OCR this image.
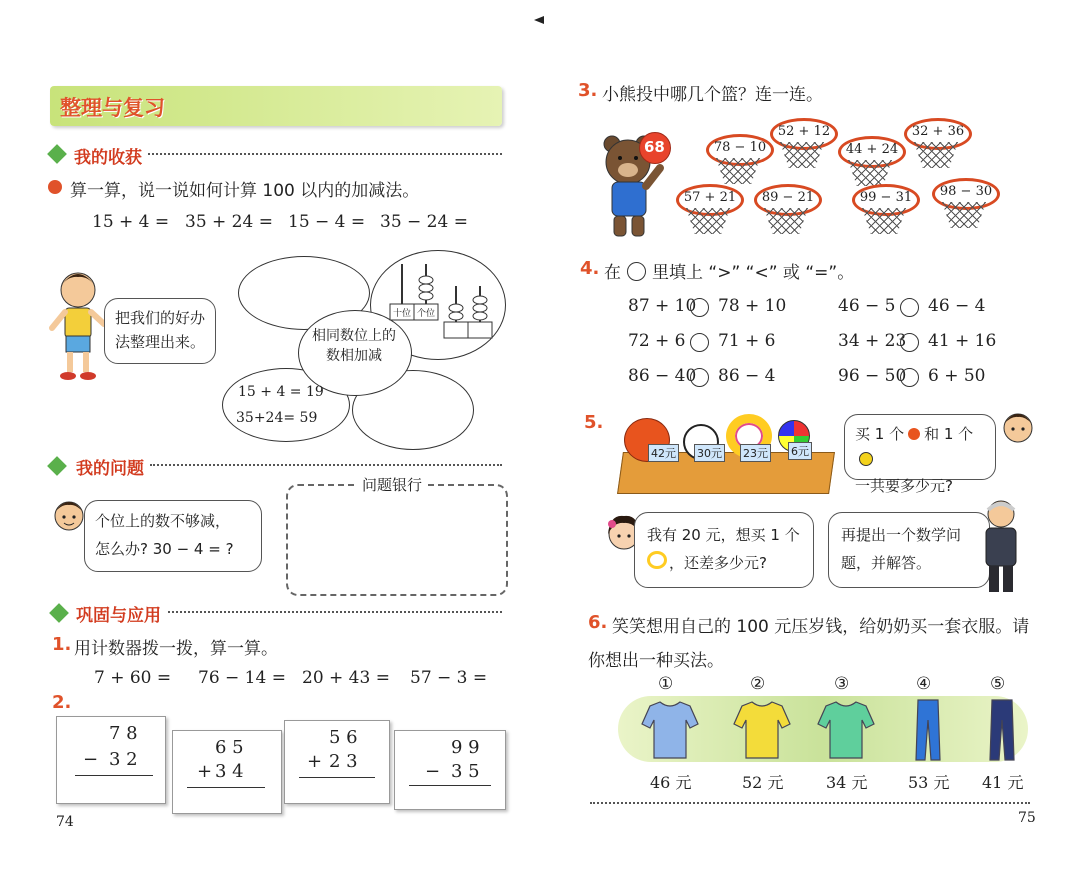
整理与复习
我的收获
算一算，说一说如何计算 100 以内的加减法。
15 + 4 = 35 + 24 = 15 − 4 = 35 − 24 =
把我们的好办法整理出来。	相同数位上的数相加减
15 + 4 = 19
35+24= 59
十位 个位
我的问题
个位上的数不够减，
怎么办? 30 − 4 = ?
问题银行
巩固与应用
1. 用计数器拨一拨，算一算。
7 + 60 = 76 − 14 = 20 + 43 = 57 − 3 =
2.
7 8
− 3 2
6 5
+ 3 4
5 6
+ 2 3
9 9
− 3 5
74
3. 小熊投中哪几个篮？连一连。
68	78 − 10
52 + 12
44 + 24
32 + 36
57 + 21	89 − 21	99 − 31	98 − 30
4. 在 里填上 “>” “<” 或 “=”。
87 + 10 78 + 10	46 − 5 46 − 4
72 + 6 71 + 6	34 + 23 41 + 16
86 − 40 86 − 4	96 − 50 6 + 50
5.
42元 30元 23元 6元
买 1 个 和 1 个
一共要多少元?
我有 20 元，想买 1 个
，还差多少元?
再提出一个数学问
题，并解答。
6. 笑笑想用自己的 100 元压岁钱，给奶奶买一套衣服。请
你想出一种买法。
①
46 元
②
52 元
③
34 元
④
53 元
⑤
41 元
75
